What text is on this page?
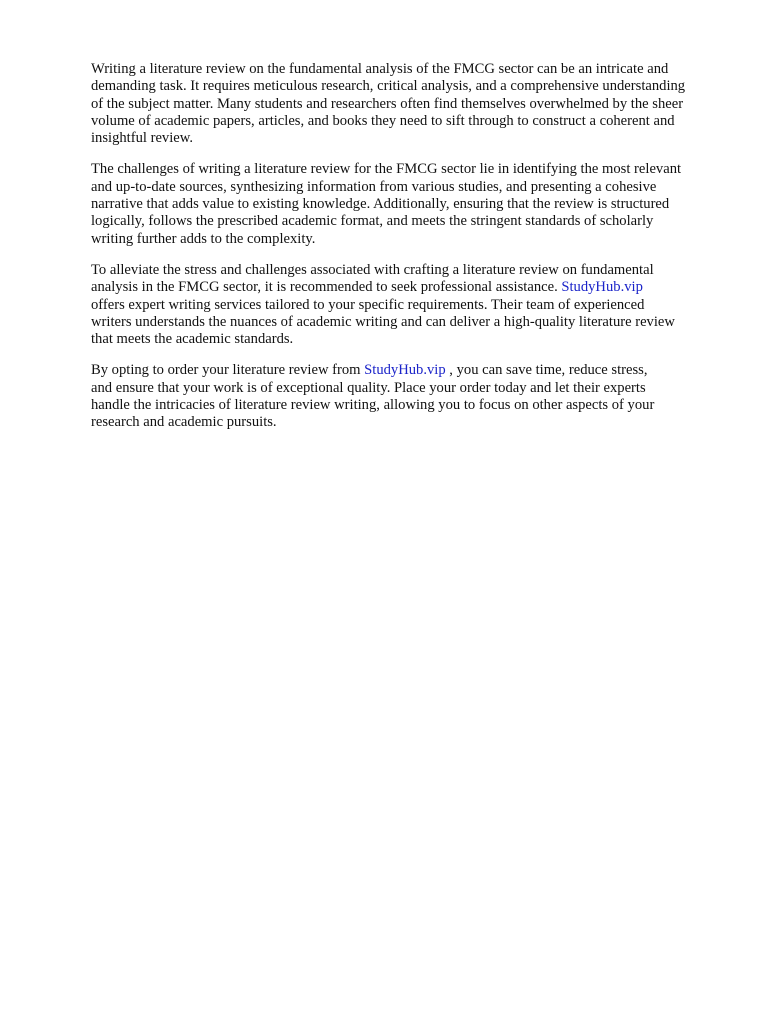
Writing a literature review on the fundamental analysis of the FMCG sector can be an intricate and
demanding task. It requires meticulous research, critical analysis, and a comprehensive understanding
of the subject matter. Many students and researchers often find themselves overwhelmed by the sheer
volume of academic papers, articles, and books they need to sift through to construct a coherent and
insightful review.

The challenges of writing a literature review for the FMCG sector lie in identifying the most relevant
and up-to-date sources, synthesizing information from various studies, and presenting a cohesive
narrative that adds value to existing knowledge. Additionally, ensuring that the review is structured
logically, follows the prescribed academic format, and meets the stringent standards of scholarly
writing further adds to the complexity.

To alleviate the stress and challenges associated with crafting a literature review on fundamental
analysis in the FMCG sector, it is recommended to seek professional assistance. StudyHub.vip
offers expert writing services tailored to your specific requirements. Their team of experienced
writers understands the nuances of academic writing and can deliver a high-quality literature review
that meets the academic standards.

By opting to order your literature review from StudyHub.vip , you can save time, reduce stress,
and ensure that your work is of exceptional quality. Place your order today and let their experts
handle the intricacies of literature review writing, allowing you to focus on other aspects of your
research and academic pursuits.
